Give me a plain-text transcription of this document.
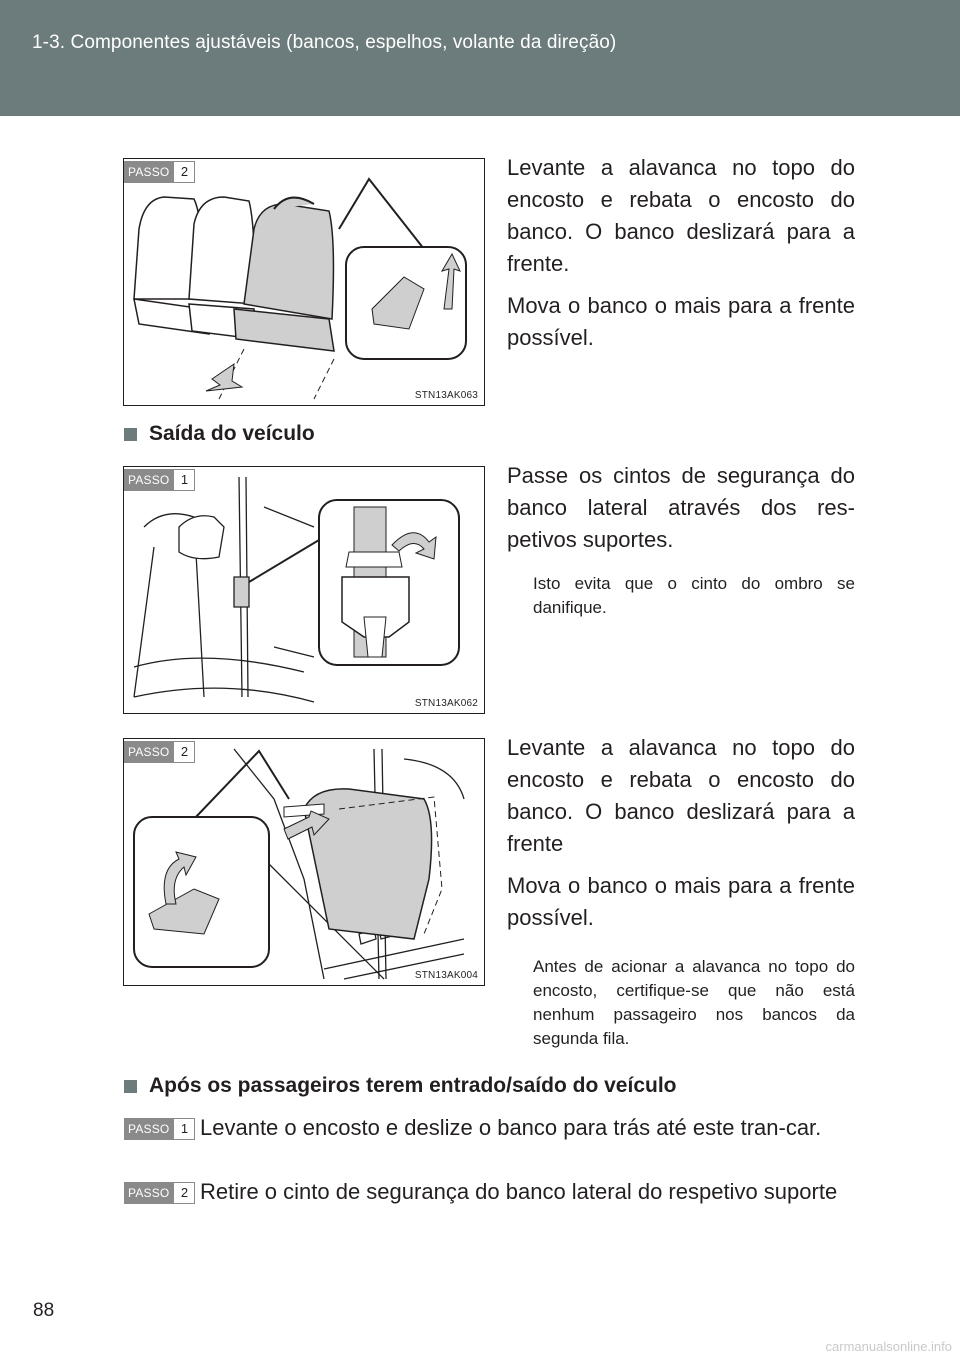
1-3. Componentes ajustáveis (bancos, espelhos, volante da direção)
PASSO 2
STN13AK063

Levante a alavanca no topo do encosto e rebata o encosto do banco. O banco deslizará para a frente.

Mova o banco o mais para a frente possível.

Saída do veículo
PASSO 1
STN13AK062

Passe os cintos de segurança do banco lateral através dos res-petivos suportes.

Isto evita que o cinto do ombro se danifique.
PASSO 2
STN13AK004

Levante a alavanca no topo do encosto e rebata o encosto do banco. O banco deslizará para a frente

Mova o banco o mais para a frente possível.

Antes de acionar a alavanca no topo do encosto, certifique-se que não está nenhum passageiro nos bancos da segunda fila.
Após os passageiros terem entrado/saído do veículo
PASSO 1 Levante o encosto e deslize o banco para trás até este tran-car.
PASSO 2 Retire o cinto de segurança do banco lateral do respetivo suporte
88
carmanualsonline.info
